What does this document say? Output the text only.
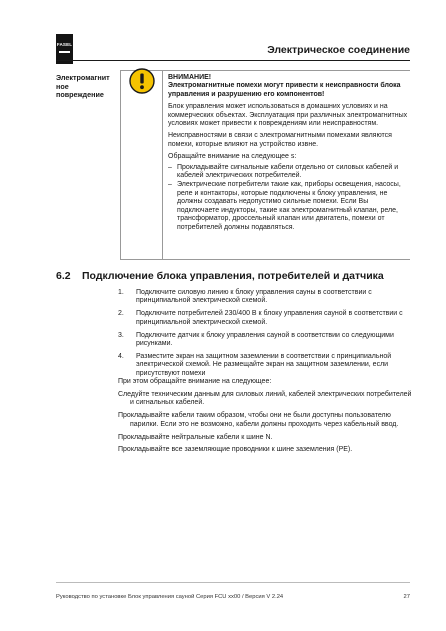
FASEL	Электрическое соединение
Электромагнит ное повреждение
ВНИМАНИЕ!
Электромагнитные помехи могут привести к неисправности блока управления и разрушению его компонентов!

Блок управления может использоваться в домашних условиях и на коммерческих объектах. Эксплуатация при различных электромагнитных условиях может привести к повреждениям или неисправностям.

Неисправностями в связи с электромагнитными помехами являются помехи, которые влияют на устройство извне.

Обращайте внимание на следующее s:

– Прокладывайте сигнальные кабели отдельно от силовых кабелей и кабелей электрических потребителей.
– Электрические потребители такие как, приборы освещения, насосы, реле и контакторы, которые подключены к блоку управления, не должны создавать недопустимо сильные помехи. Если Вы подключаете индукторы, такие как электромагнитный клапан, реле, трансформатор, дроссельный клапан или двигатель, помехи от потребителей должны подавляться.
6.2 Подключение блока управления, потребителей и датчика
1. Подключите силовую линию к блоку управления сауны в соответствии с принципиальной электрической схемой.
2. Подключите потребителей 230/400 В к блоку управления сауной в соответствии с принципиальной электрической схемой.
3. Подключите датчик к блоку управления сауной в соответствии со следующими рисунками.
4. Разместите экран на защитном заземлении в соответствии с принципиальной электрической схемой. Не размещайте экран на защитном заземлении, если присутствуют помехи
При этом обращайте внимание на следующее:
Следуйте техническим данным для силовых линий, кабелей электрических потребителей и сигнальных кабелей.
Прокладывайте кабели таким образом, чтобы они не были доступны пользователю парилки. Если это не возможно, кабели должны проходить через кабельный ввод.
Прокладывайте нейтральные кабели к шине N.
Прокладывайте все заземляющие проводники к шине заземления (PE).
Руководство по установке Блок управления сауной Серия FCU xx00 / Версия V 2.24	27
